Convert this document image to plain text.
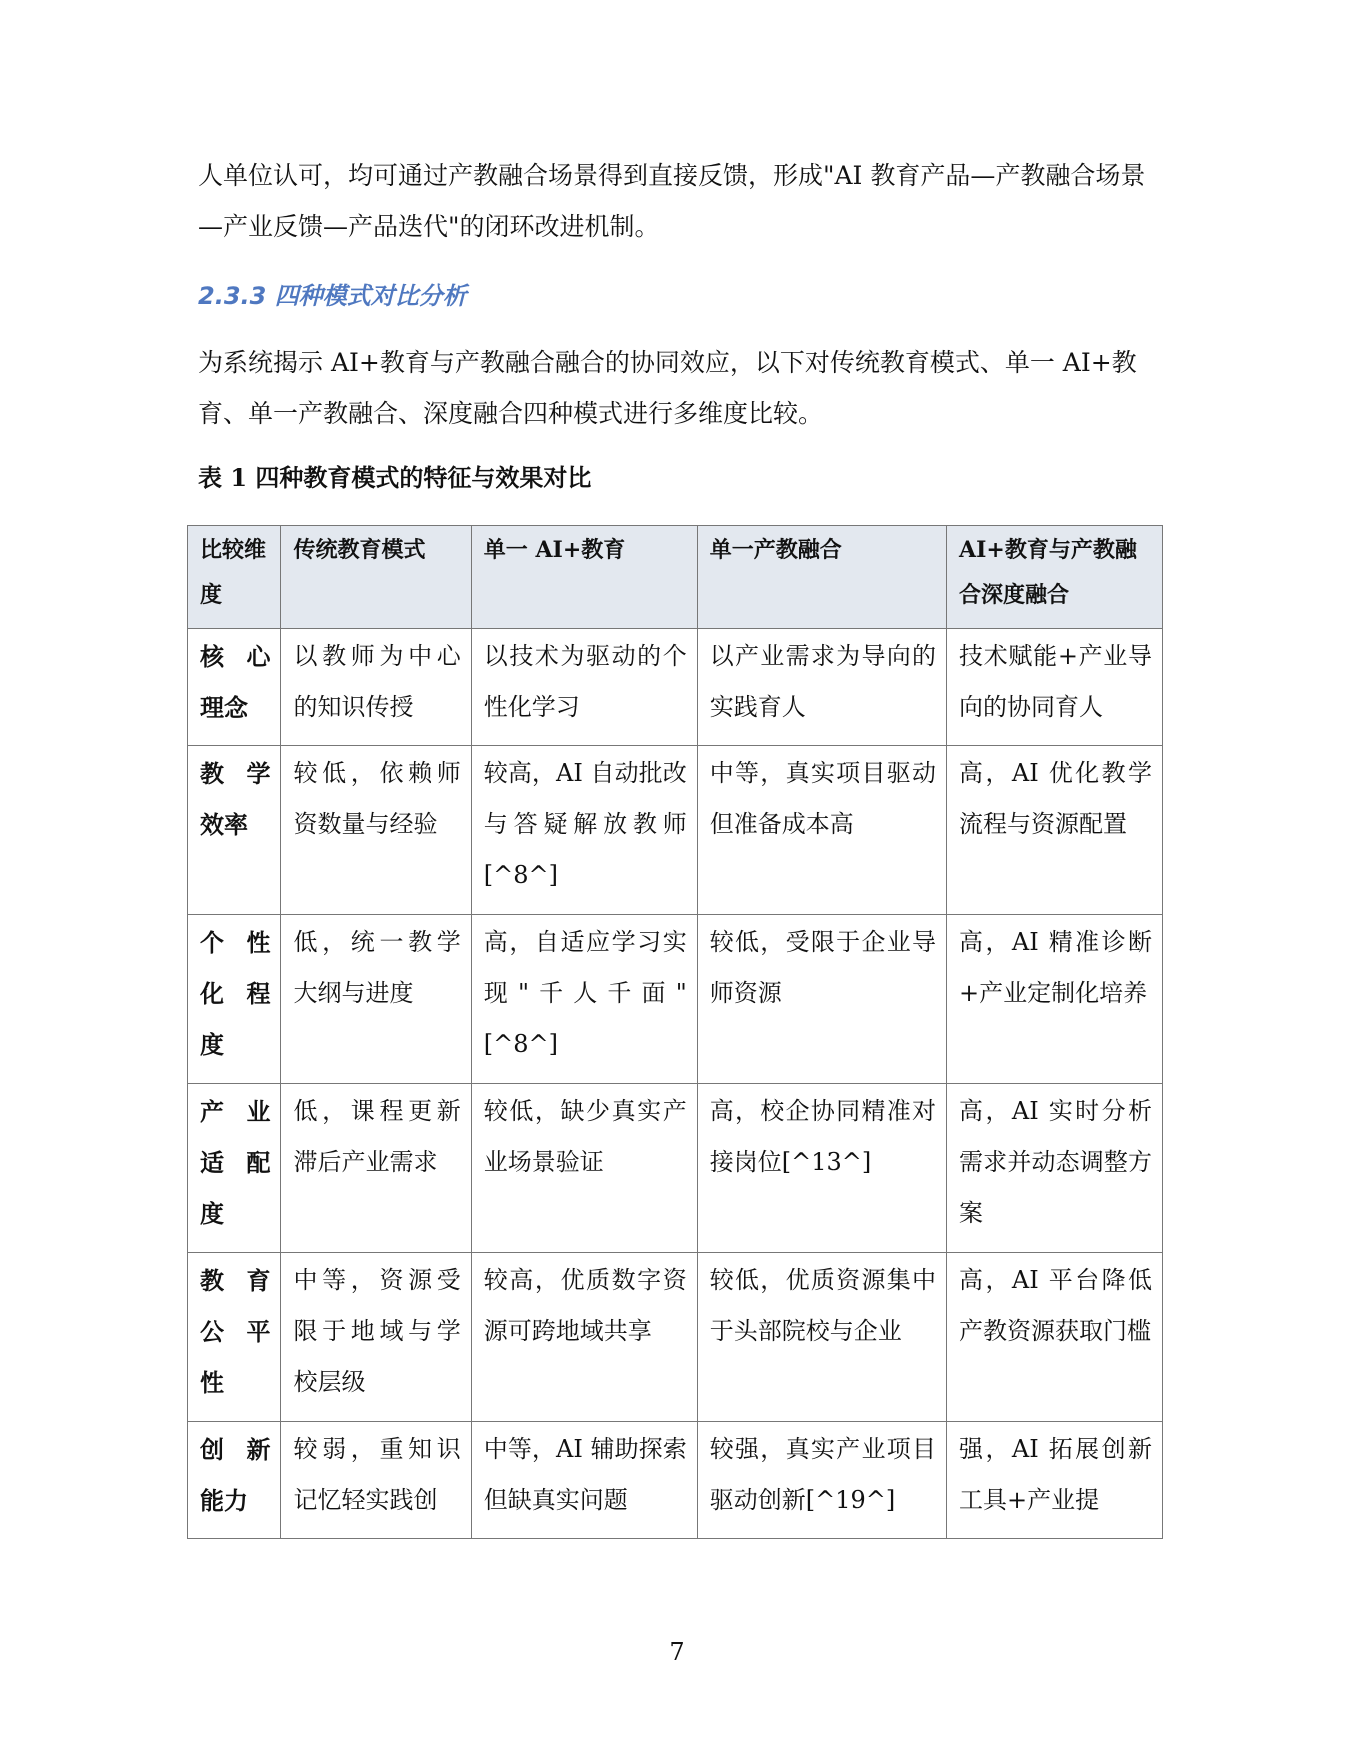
人单位认可，均可通过产教融合场景得到直接反馈，形成"AI 教育产品—产教融合场景—产业反馈—产品迭代"的闭环改进机制。

2.3.3 四种模式对比分析

为系统揭示 AI+教育与产教融合融合的协同效应，以下对传统教育模式、单一 AI+教育、单一产教融合、深度融合四种模式进行多维度比较。

表 1 四种教育模式的特征与效果对比

比较维度	传统教育模式	单一 AI+教育	单一产教融合	AI+教育与产教融合深度融合
核心理念	以教师为中心的知识传授	以技术为驱动的个性化学习	以产业需求为导向的实践育人	技术赋能+产业导向的协同育人
教学效率	较低，依赖师资数量与经验	较高，AI 自动批改与答疑解放教师[^8^]	中等，真实项目驱动但准备成本高	高，AI 优化教学流程与资源配置
个性化程度	低，统一教学大纲与进度	高，自适应学习实现"千人千面"[^8^]	较低，受限于企业导师资源	高，AI 精准诊断+产业定制化培养
产业适配度	低，课程更新滞后产业需求	较低，缺少真实产业场景验证	高，校企协同精准对接岗位[^13^]	高，AI 实时分析需求并动态调整方案
教育公平性	中等，资源受限于地域与学校层级	较高，优质数字资源可跨地域共享	较低，优质资源集中于头部院校与企业	高，AI 平台降低产教资源获取门槛
创新能力	较弱，重知识记忆轻实践创	中等，AI 辅助探索但缺真实问题	较强，真实产业项目驱动创新[^19^]	强，AI 拓展创新工具+产业提

7
